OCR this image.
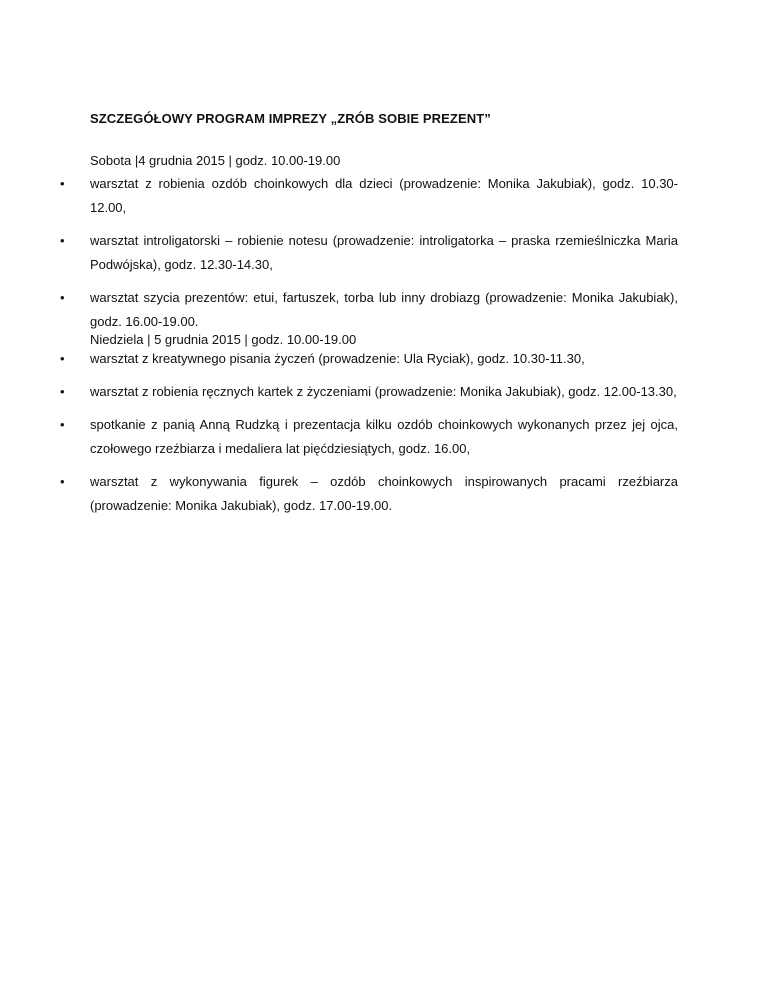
SZCZEGÓŁOWY PROGRAM IMPREZY „ZRÓB SOBIE PREZENT”
Sobota |4 grudnia 2015 | godz. 10.00-19.00
• warsztat z robienia ozdób choinkowych dla dzieci (prowadzenie: Monika Jakubiak), godz. 10.30-12.00,
• warsztat introligatorski – robienie notesu (prowadzenie: introligatorka – praska rzemieślniczka Maria Podwójska), godz. 12.30-14.30,
• warsztat szycia prezentów: etui, fartuszek, torba lub inny drobiazg (prowadzenie: Monika Jakubiak), godz. 16.00-19.00.
Niedziela | 5 grudnia 2015 | godz. 10.00-19.00
• warsztat z kreatywnego pisania życzeń (prowadzenie: Ula Ryciak), godz. 10.30-11.30,
• warsztat z robienia ręcznych kartek z życzeniami (prowadzenie: Monika Jakubiak), godz. 12.00-13.30,
• spotkanie z panią Anną Rudzką i prezentacja kilku ozdób choinkowych wykonanych przez jej ojca, czołowego rzeźbiarza i medaliera lat pięćdziesiątych, godz. 16.00,
• warsztat z wykonywania figurek – ozdób choinkowych inspirowanych pracami rzeźbiarza (prowadzenie: Monika Jakubiak), godz. 17.00-19.00.
